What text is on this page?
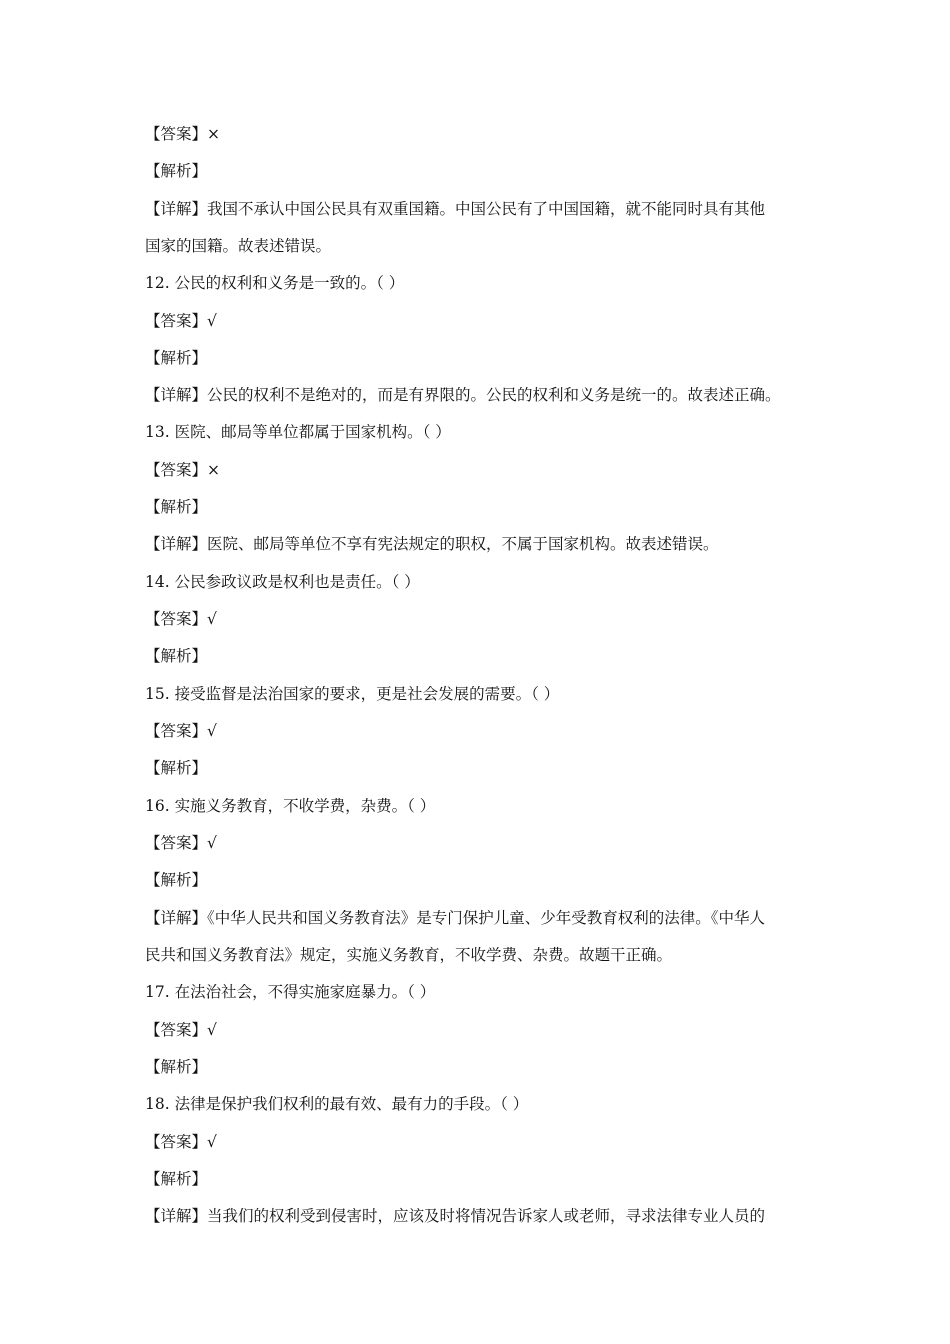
【答案】×
【解析】
【详解】我国不承认中国公民具有双重国籍。中国公民有了中国国籍，就不能同时具有其他
国家的国籍。故表述错误。
12. 公民的权利和义务是一致的。（ ）
【答案】√
【解析】
【详解】公民的权利不是绝对的，而是有界限的。公民的权利和义务是统一的。故表述正确。
13. 医院、邮局等单位都属于国家机构。（ ）
【答案】×
【解析】
【详解】医院、邮局等单位不享有宪法规定的职权，不属于国家机构。故表述错误。
14. 公民参政议政是权利也是责任。（ ）
【答案】√
【解析】
15. 接受监督是法治国家的要求，更是社会发展的需要。（ ）
【答案】√
【解析】
16. 实施义务教育，不收学费，杂费。（ ）
【答案】√
【解析】
【详解】《中华人民共和国义务教育法》是专门保护儿童、少年受教育权利的法律。《中华人
民共和国义务教育法》规定，实施义务教育，不收学费、杂费。故题干正确。
17. 在法治社会，不得实施家庭暴力。（ ）
【答案】√
【解析】
18. 法律是保护我们权利的最有效、最有力的手段。（ ）
【答案】√
【解析】
【详解】当我们的权利受到侵害时，应该及时将情况告诉家人或老师，寻求法律专业人员的
